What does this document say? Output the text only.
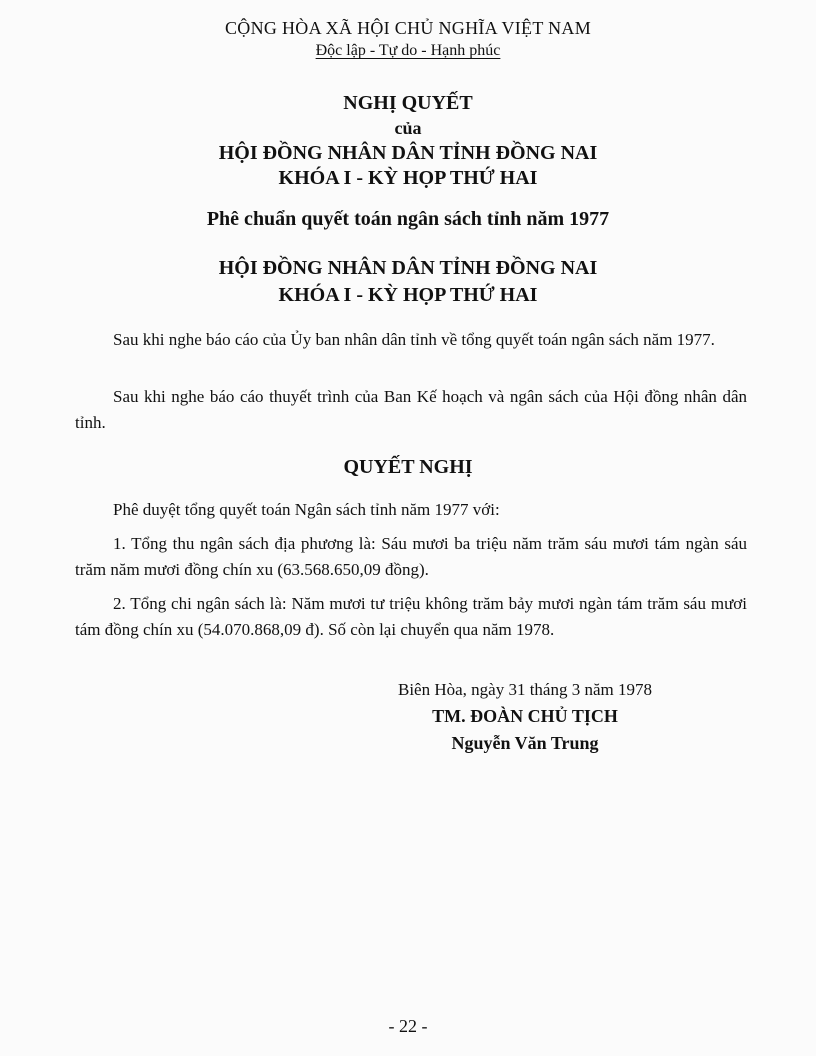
CỘNG HÒA XÃ HỘI CHỦ NGHĨA VIỆT NAM
Độc lập - Tự do - Hạnh phúc
NGHỊ QUYẾT
của
HỘI ĐỒNG NHÂN DÂN TỈNH ĐỒNG NAI
KHÓA I - KỲ HỌP THỨ HAI
Phê chuẩn quyết toán ngân sách tỉnh năm 1977
HỘI ĐỒNG NHÂN DÂN TỈNH ĐỒNG NAI
KHÓA I - KỲ HỌP THỨ HAI

Sau khi nghe báo cáo của Ủy ban nhân dân tỉnh về tổng quyết toán ngân sách năm 1977.

Sau khi nghe báo cáo thuyết trình của Ban Kế hoạch và ngân sách của Hội đồng nhân dân tỉnh.

QUYẾT NGHỊ

Phê duyệt tổng quyết toán Ngân sách tỉnh năm 1977 với:

1. Tổng thu ngân sách địa phương là: Sáu mươi ba triệu năm trăm sáu mươi tám ngàn sáu trăm năm mươi đồng chín xu (63.568.650,09 đồng).

2. Tổng chi ngân sách là: Năm mươi tư triệu không trăm bảy mươi ngàn tám trăm sáu mươi tám đồng chín xu (54.070.868,09 đ). Số còn lại chuyển qua năm 1978.

Biên Hòa, ngày 31 tháng 3 năm 1978
TM. ĐOÀN CHỦ TỊCH
Nguyễn Văn Trung
- 22 -
